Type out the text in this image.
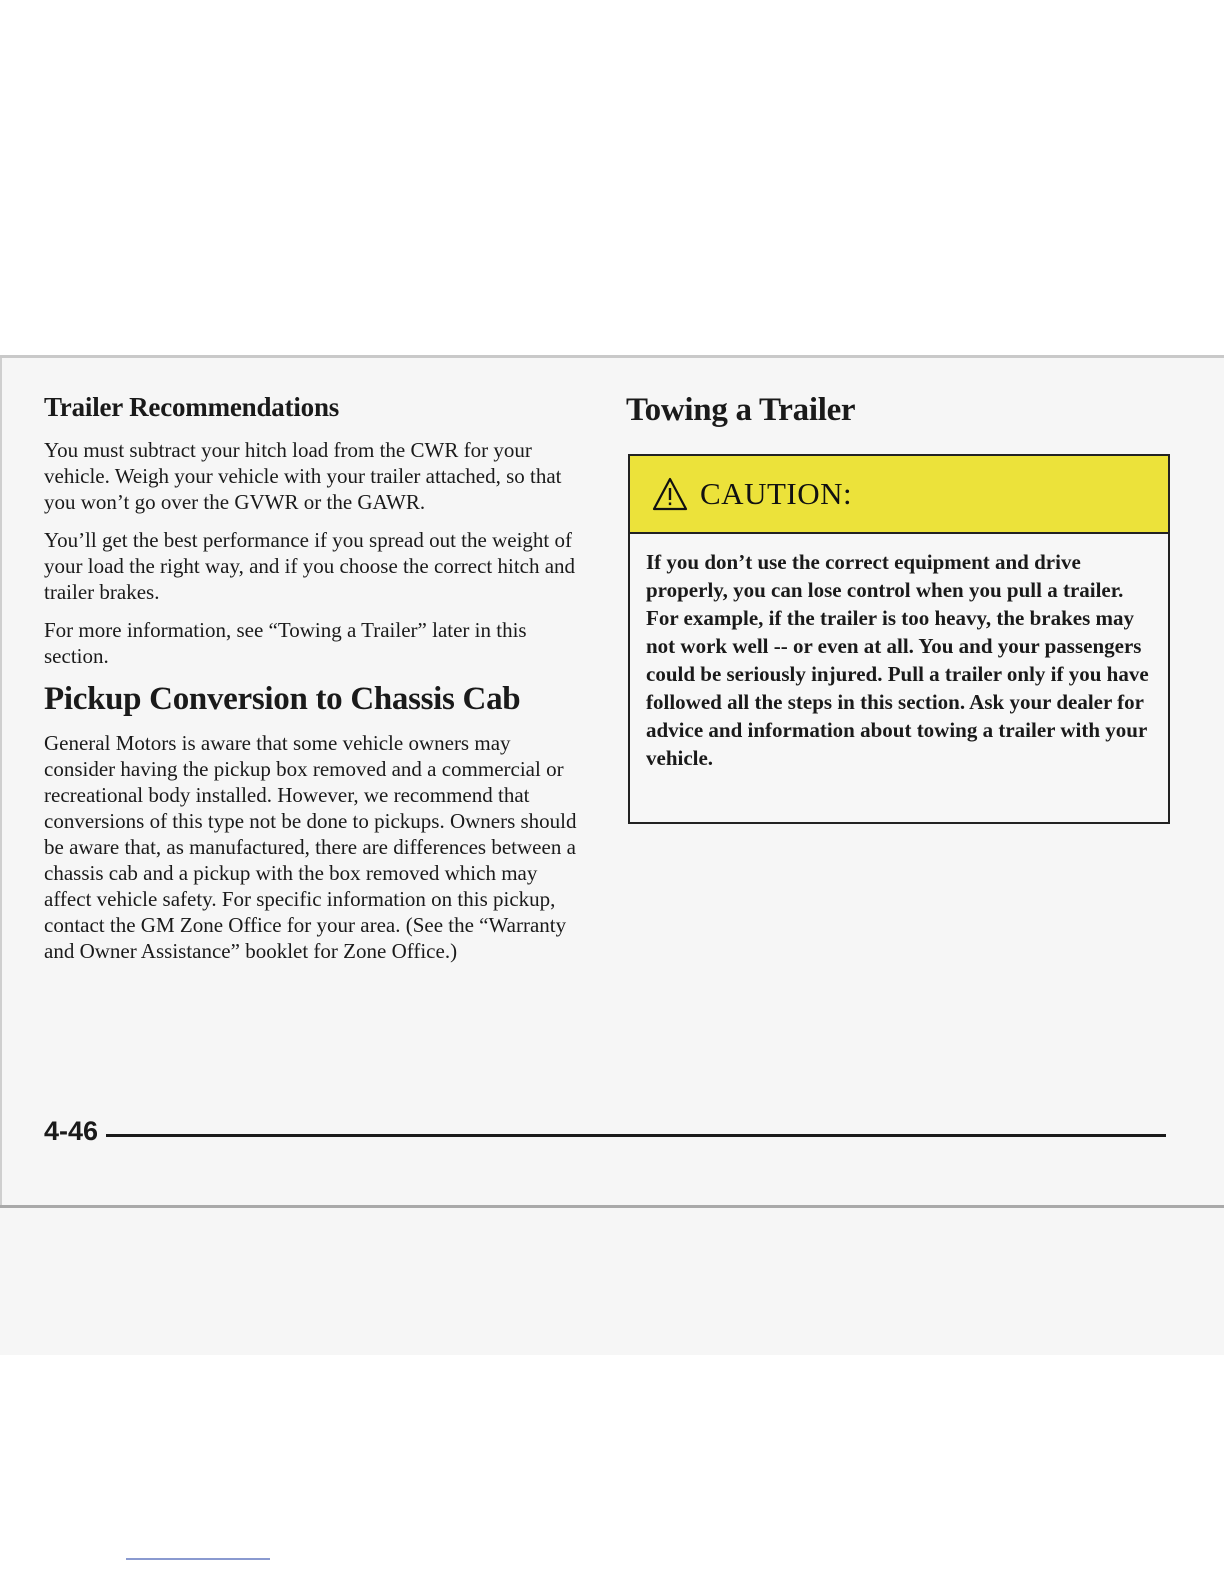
Trailer Recommendations

You must subtract your hitch load from the CWR for your vehicle. Weigh your vehicle with your trailer attached, so that you won’t go over the GVWR or the GAWR.

You’ll get the best performance if you spread out the weight of your load the right way, and if you choose the correct hitch and trailer brakes.

For more information, see “Towing a Trailer” later in this section.

Pickup Conversion to Chassis Cab

General Motors is aware that some vehicle owners may consider having the pickup box removed and a commercial or recreational body installed. However, we recommend that conversions of this type not be done to pickups. Owners should be aware that, as manufactured, there are differences between a chassis cab and a pickup with the box removed which may affect vehicle safety. For specific information on this pickup, contact the GM Zone Office for your area. (See the “Warranty and Owner Assistance” booklet for Zone Office.)

Towing a Trailer
CAUTION:
If you don’t use the correct equipment and drive properly, you can lose control when you pull a trailer. For example, if the trailer is too heavy, the brakes may not work well -- or even at all. You and your passengers could be seriously injured. Pull a trailer only if you have followed all the steps in this section. Ask your dealer for advice and information about towing a trailer with your vehicle.
4-46
